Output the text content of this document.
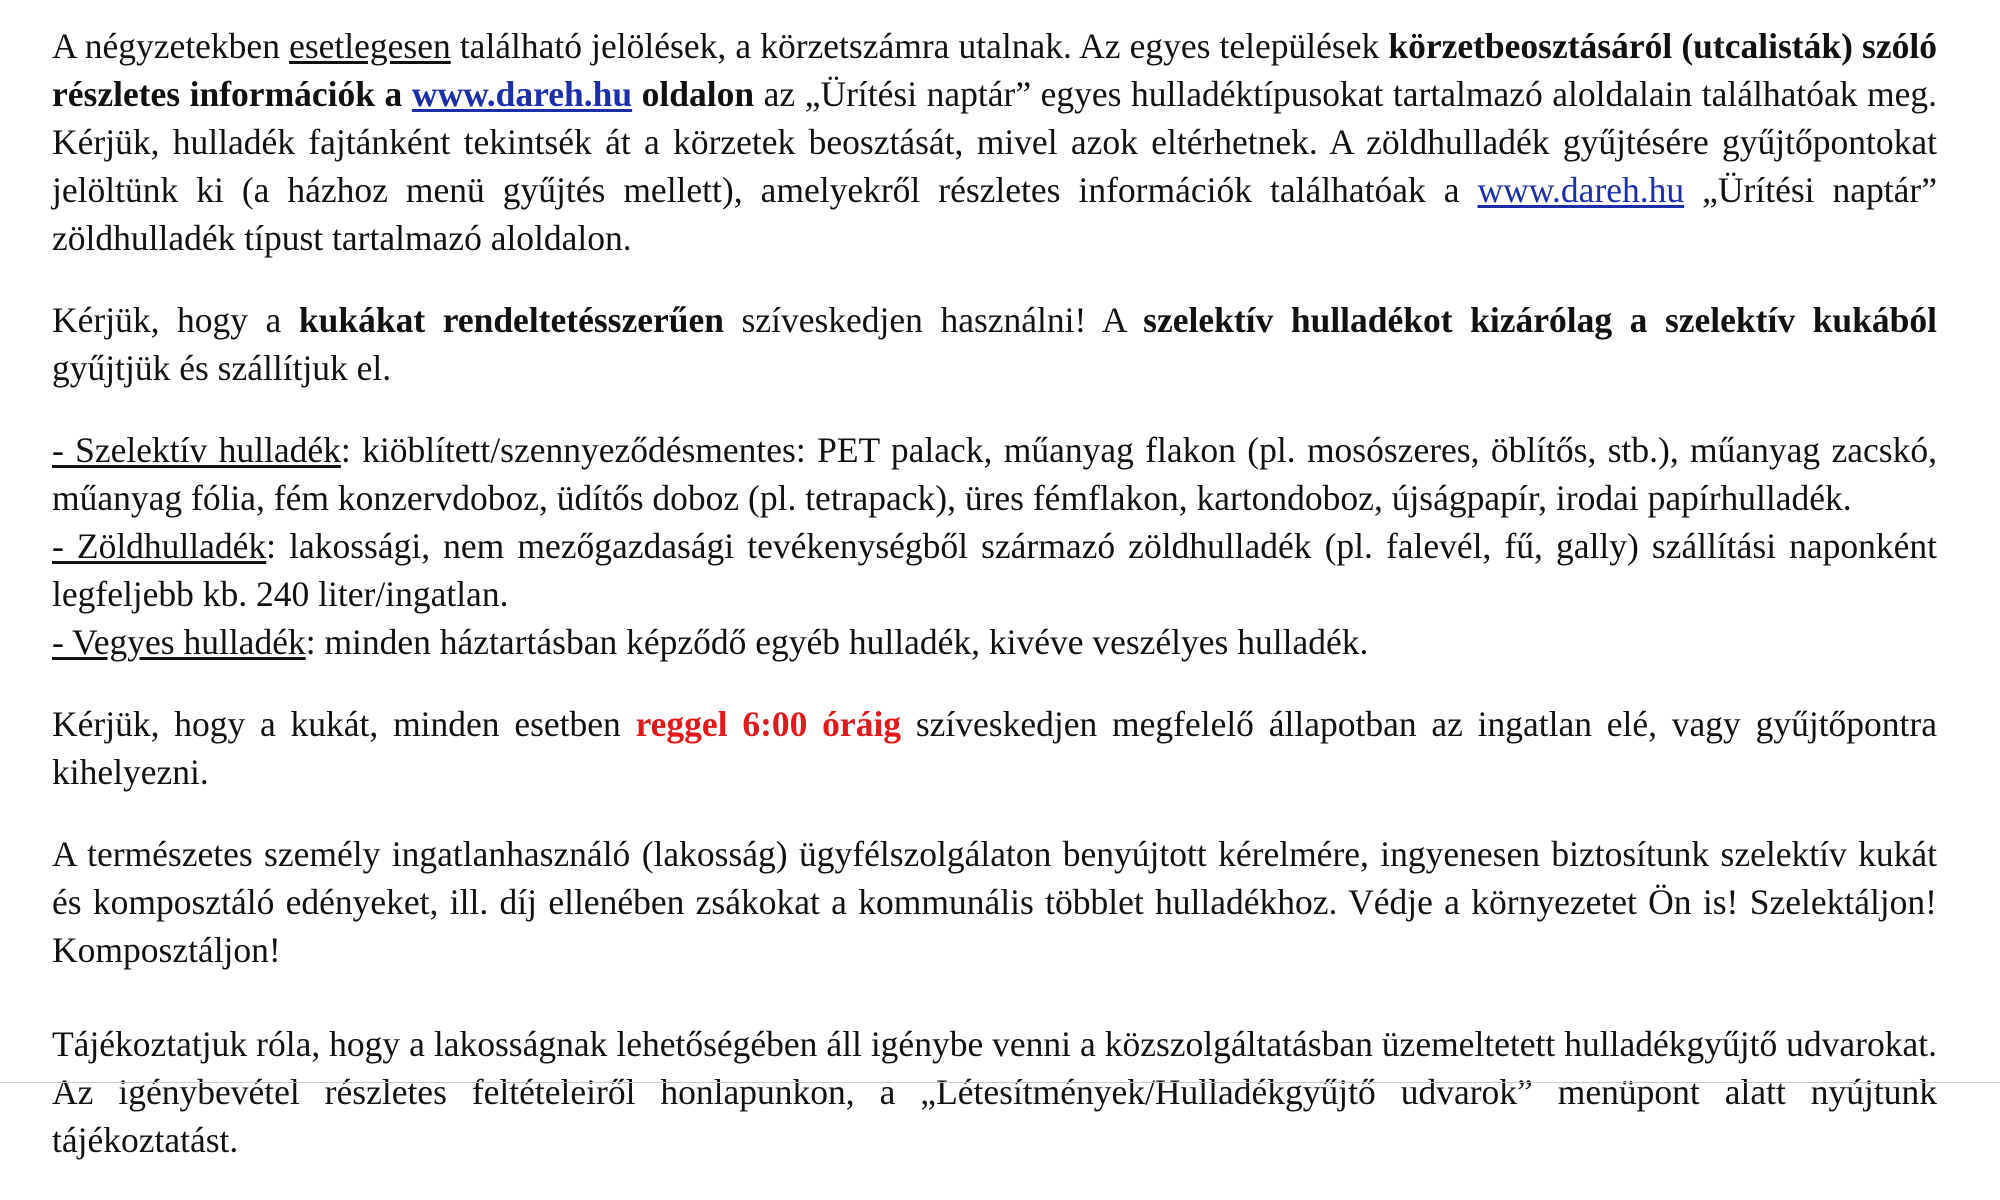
A négyzetekben esetlegesen található jelölések, a körzetszámra utalnak. Az egyes települések körzetbeosztásáról (utcalisták) szóló részletes információk a www.dareh.hu oldalon az „Ürítési naptár” egyes hulladéktípusokat tartalmazó aloldalain találhatóak meg. Kérjük, hulladék fajtánként tekintsék át a körzetek beosztását, mivel azok eltérhetnek. A zöldhulladék gyűjtésére gyűjtőpontokat jelöltünk ki (a házhoz menü gyűjtés mellett), amelyekről részletes információk találhatóak a www.dareh.hu „Ürítési naptár” zöldhulladék típust tartalmazó aloldalon.

Kérjük, hogy a kukákat rendeltetésszerűen szíveskedjen használni! A szelektív hulladékot kizárólag a szelektív kukából gyűjtjük és szállítjuk el.

- Szelektív hulladék: kiöblített/szennyeződésmentes: PET palack, műanyag flakon (pl. mosószeres, öblítős, stb.), műanyag zacskó, műanyag fólia, fém konzervdoboz, üdítős doboz (pl. tetrapack), üres fémflakon, kartondoboz, újságpapír, irodai papírhulladék.

- Zöldhulladék: lakossági, nem mezőgazdasági tevékenységből származó zöldhulladék (pl. falevél, fű, gally) szállítási naponként legfeljebb kb. 240 liter/ingatlan.

- Vegyes hulladék: minden háztartásban képződő egyéb hulladék, kivéve veszélyes hulladék.

Kérjük, hogy a kukát, minden esetben reggel 6:00 óráig szíveskedjen megfelelő állapotban az ingatlan elé, vagy gyűjtőpontra kihelyezni.

A természetes személy ingatlanhasználó (lakosság) ügyfélszolgálaton benyújtott kérelmére, ingyenesen biztosítunk szelektív kukát és komposztáló edényeket, ill. díj ellenében zsákokat a kommunális többlet hulladékhoz. Védje a környezetet Ön is! Szelektáljon! Komposztáljon!

Tájékoztatjuk róla, hogy a lakosságnak lehetőségében áll igénybe venni a közszolgáltatásban üzemeltetett hulladékgyűjtő udvarokat. Az igénybevétel részletes feltételeiről honlapunkon, a „Létesítmények/Hulladékgyűjtő udvarok” menüpont alatt nyújtunk tájékoztatást.
